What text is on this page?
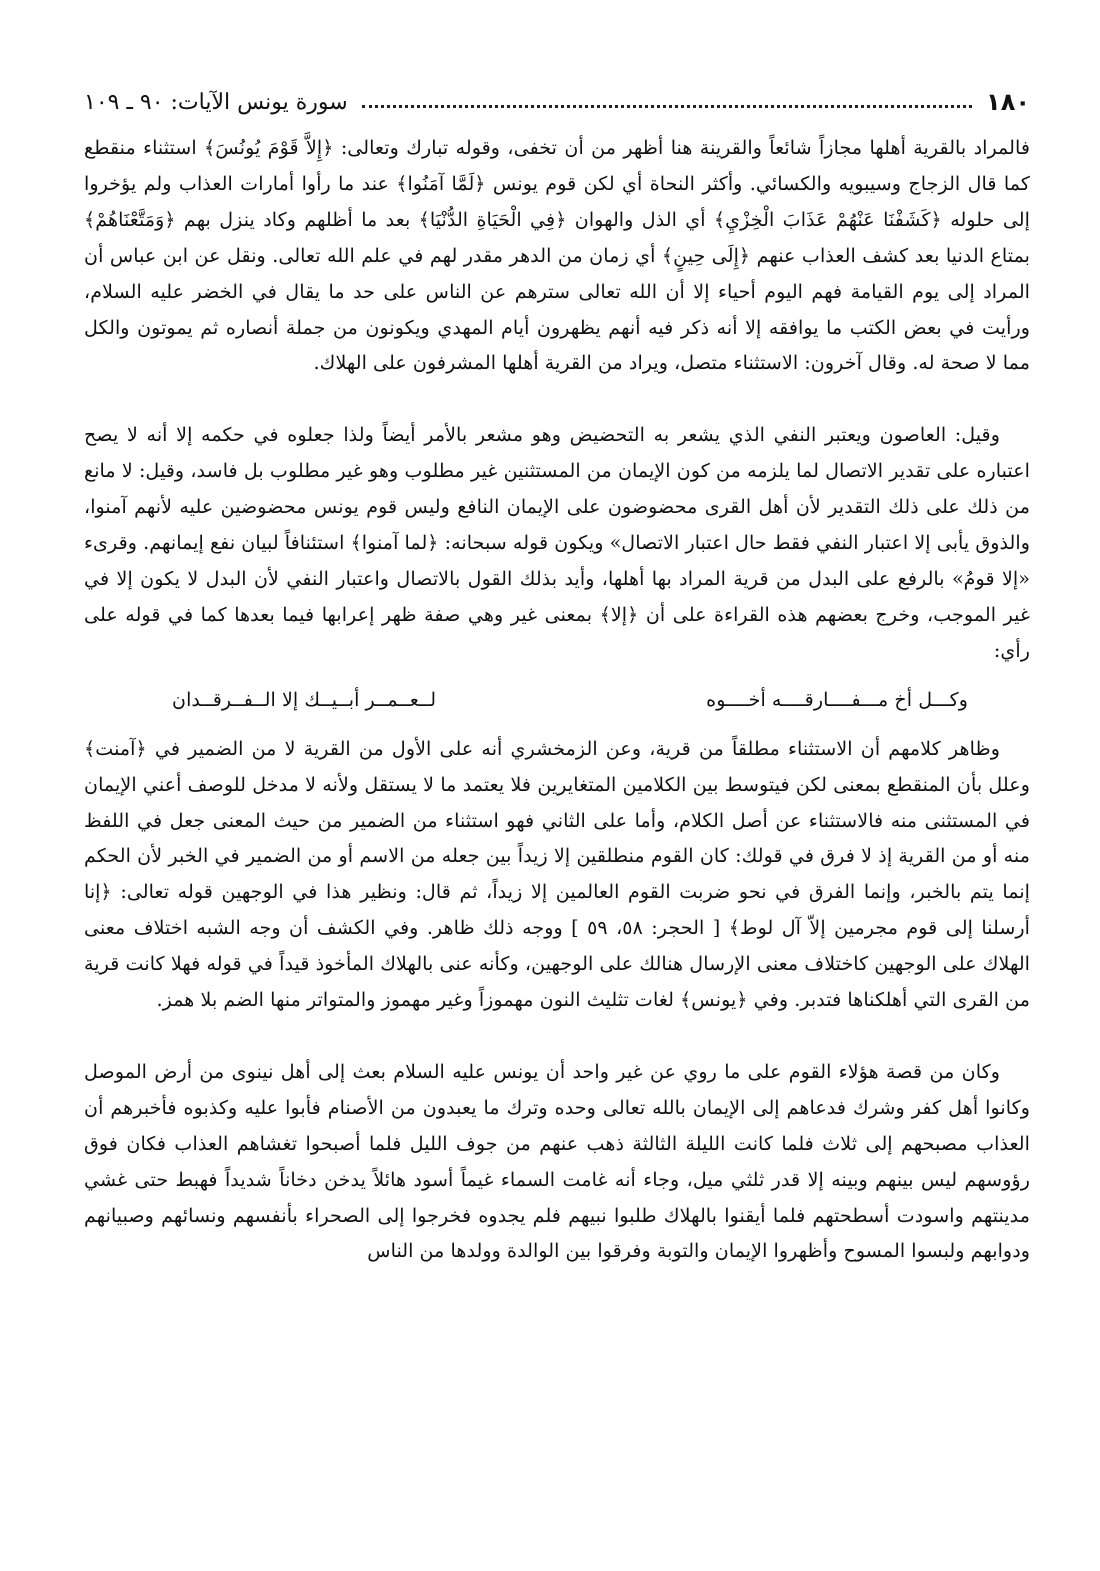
١٨٠
سورة يونس الآيات: ٩٠ ـ ١٠٩

فالمراد بالقرية أهلها مجازاً شائعاً والقرينة هنا أظهر من أن تخفى، وقوله تبارك وتعالى: ﴿إِلاَّ قَوْمَ يُونُسَ﴾ استثناء منقطع كما قال الزجاج وسيبويه والكسائي. وأكثر النحاة أي لكن قوم يونس ﴿لَمَّا آمَنُوا﴾ عند ما رأوا أمارات العذاب ولم يؤخروا إلى حلوله ﴿كَشَفْنَا عَنْهُمْ عَذَابَ الْخِزْيِ﴾ أي الذل والهوان ﴿فِي الْحَيَاةِ الدُّنْيَا﴾ بعد ما أظلهم وكاد ينزل بهم ﴿وَمَتَّعْنَاهُمْ﴾ بمتاع الدنيا بعد كشف العذاب عنهم ﴿إِلَى حِينٍ﴾ أي زمان من الدهر مقدر لهم في علم الله تعالى. ونقل عن ابن عباس أن المراد إلى يوم القيامة فهم اليوم أحياء إلا أن الله تعالى سترهم عن الناس على حد ما يقال في الخضر عليه السلام، ورأيت في بعض الكتب ما يوافقه إلا أنه ذكر فيه أنهم يظهرون أيام المهدي ويكونون من جملة أنصاره ثم يموتون والكل مما لا صحة له. وقال آخرون: الاستثناء متصل، ويراد من القرية أهلها المشرفون على الهلاك.

وقيل: العاصون ويعتبر النفي الذي يشعر به التحضيض وهو مشعر بالأمر أيضاً ولذا جعلوه في حكمه إلا أنه لا يصح اعتباره على تقدير الاتصال لما يلزمه من كون الإيمان من المستثنين غير مطلوب وهو غير مطلوب بل فاسد، وقيل: لا مانع من ذلك على ذلك التقدير لأن أهل القرى محضوضون على الإيمان النافع وليس قوم يونس محضوضين عليه لأنهم آمنوا، والذوق يأبى إلا اعتبار النفي فقط حال اعتبار الاتصال» ويكون قوله سبحانه: ﴿لما آمنوا﴾ استئنافاً لبيان نفع إيمانهم. وقرىء «إلا قومُ» بالرفع على البدل من قرية المراد بها أهلها، وأيد بذلك القول بالاتصال واعتبار النفي لأن البدل لا يكون إلا في غير الموجب، وخرج بعضهم هذه القراءة على أن ﴿إلا﴾ بمعنى غير وهي صفة ظهر إعرابها فيما بعدها كما في قوله على رأي:

وكـــل أخ مـــفــــارقــــه أخــــوه
لــعــمــر أبــيــك إلا الــفــرقــدان

وظاهر كلامهم أن الاستثناء مطلقاً من قرية، وعن الزمخشري أنه على الأول من القرية لا من الضمير في ﴿آمنت﴾ وعلل بأن المنقطع بمعنى لكن فيتوسط بين الكلامين المتغايرين فلا يعتمد ما لا يستقل ولأنه لا مدخل للوصف أعني الإيمان في المستثنى منه فالاستثناء عن أصل الكلام، وأما على الثاني فهو استثناء من الضمير من حيث المعنى جعل في اللفظ منه أو من القرية إذ لا فرق في قولك: كان القوم منطلقين إلا زيداً بين جعله من الاسم أو من الضمير في الخبر لأن الحكم إنما يتم بالخبر، وإنما الفرق في نحو ضربت القوم العالمين إلا زيداً، ثم قال: ونظير هذا في الوجهين قوله تعالى: ﴿إنا أرسلنا إلى قوم مجرمين إلاّ آل لوط﴾ [ الحجر: ٥٨، ٥٩ ] ووجه ذلك ظاهر. وفي الكشف أن وجه الشبه اختلاف معنى الهلاك على الوجهين كاختلاف معنى الإرسال هنالك على الوجهين، وكأنه عنى بالهلاك المأخوذ قيداً في قوله فهلا كانت قرية من القرى التي أهلكناها فتدبر. وفي ﴿يونس﴾ لغات تثليث النون مهموزاً وغير مهموز والمتواتر منها الضم بلا همز.

وكان من قصة هؤلاء القوم على ما روي عن غير واحد أن يونس عليه السلام بعث إلى أهل نينوى من أرض الموصل وكانوا أهل كفر وشرك فدعاهم إلى الإيمان بالله تعالى وحده وترك ما يعبدون من الأصنام فأبوا عليه وكذبوه فأخبرهم أن العذاب مصبحهم إلى ثلاث فلما كانت الليلة الثالثة ذهب عنهم من جوف الليل فلما أصبحوا تغشاهم العذاب فكان فوق رؤوسهم ليس بينهم وبينه إلا قدر ثلثي ميل، وجاء أنه غامت السماء غيماً أسود هائلاً يدخن دخاناً شديداً فهبط حتى غشي مدينتهم واسودت أسطحتهم فلما أيقنوا بالهلاك طلبوا نبيهم فلم يجدوه فخرجوا إلى الصحراء بأنفسهم ونسائهم وصبيانهم ودوابهم ولبسوا المسوح وأظهروا الإيمان والتوبة وفرقوا بين الوالدة وولدها من الناس
